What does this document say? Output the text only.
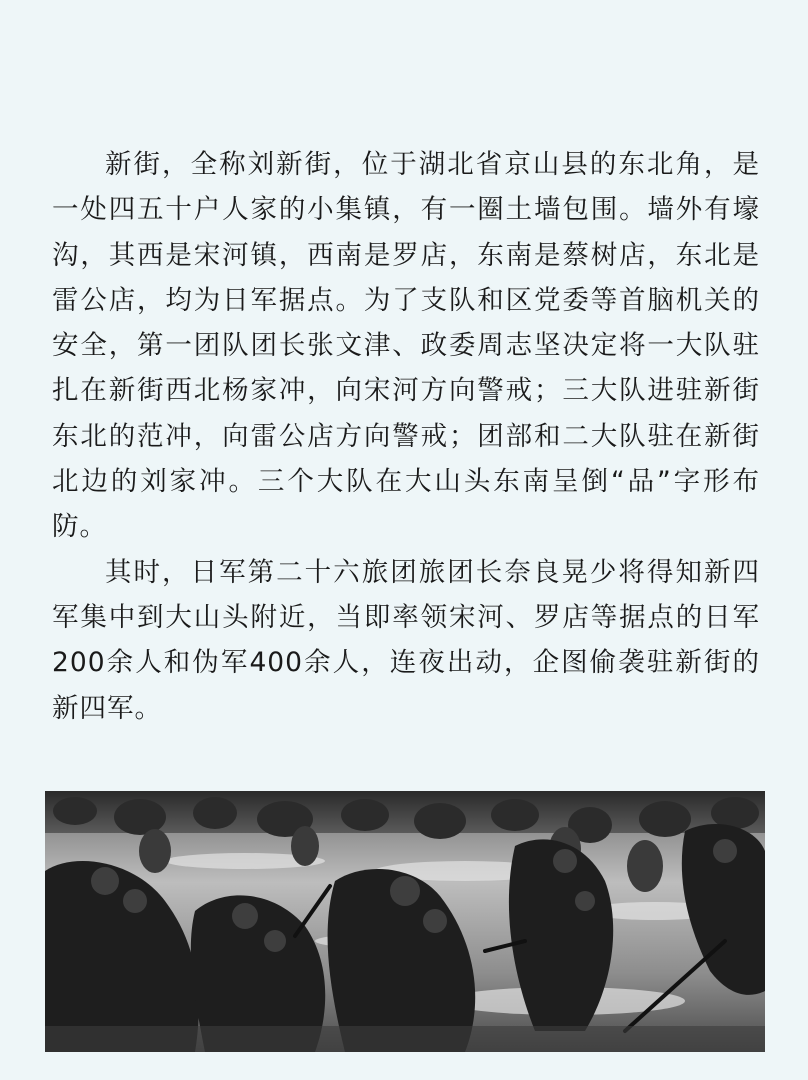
新街，全称刘新街，位于湖北省京山县的东北角，是一处四五十户人家的小集镇，有一圈土墙包围。墙外有壕沟，其西是宋河镇，西南是罗店，东南是蔡树店，东北是雷公店，均为日军据点。为了支队和区党委等首脑机关的安全，第一团队团长张文津、政委周志坚决定将一大队驻扎在新街西北杨家冲，向宋河方向警戒；三大队进驻新街东北的范冲，向雷公店方向警戒；团部和二大队驻在新街北边的刘家冲。三个大队在大山头东南呈倒“品”字形布防。

其时，日军第二十六旅团旅团长奈良晃少将得知新四军集中到大山头附近，当即率领宋河、罗店等据点的日军200余人和伪军400余人，连夜出动，企图偷袭驻新街的新四军。
